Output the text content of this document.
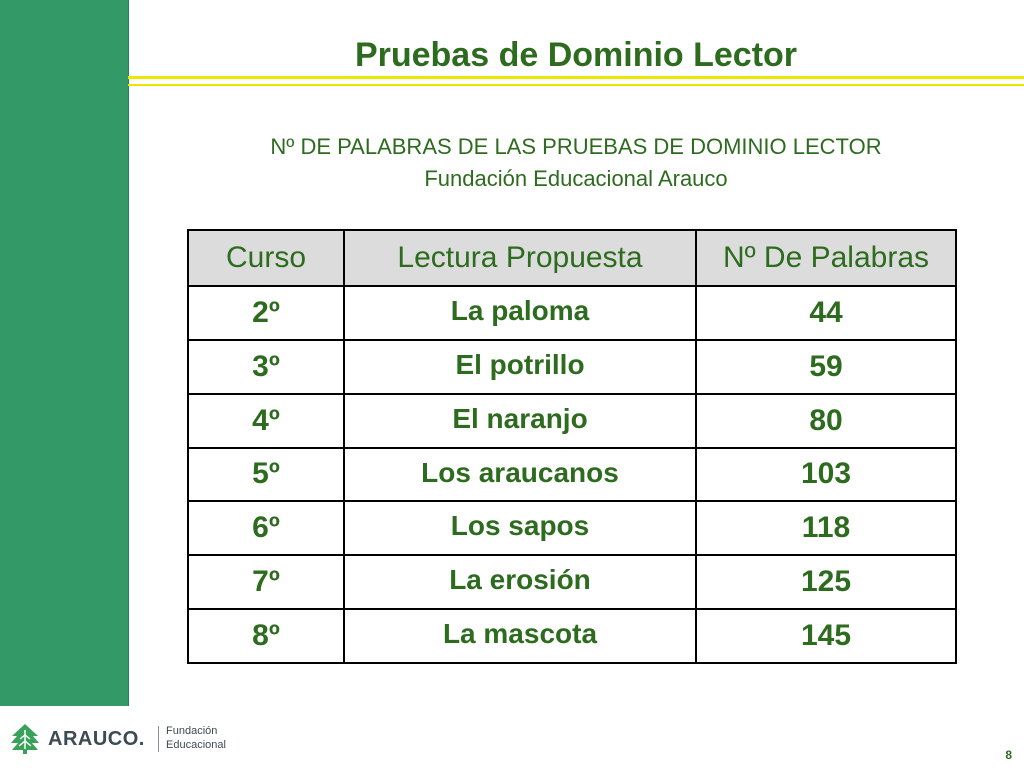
Pruebas de Dominio Lector
Nº DE PALABRAS DE LAS PRUEBAS DE DOMINIO LECTOR
Fundación Educacional Arauco
Curso	Lectura Propuesta	Nº De Palabras
2º	La paloma	44
3º	El potrillo	59
4º	El naranjo	80
5º	Los araucanos	103
6º	Los sapos	118
7º	La erosión	125
8º	La mascota	145
ARAUCO. Fundación
Educacional
8
